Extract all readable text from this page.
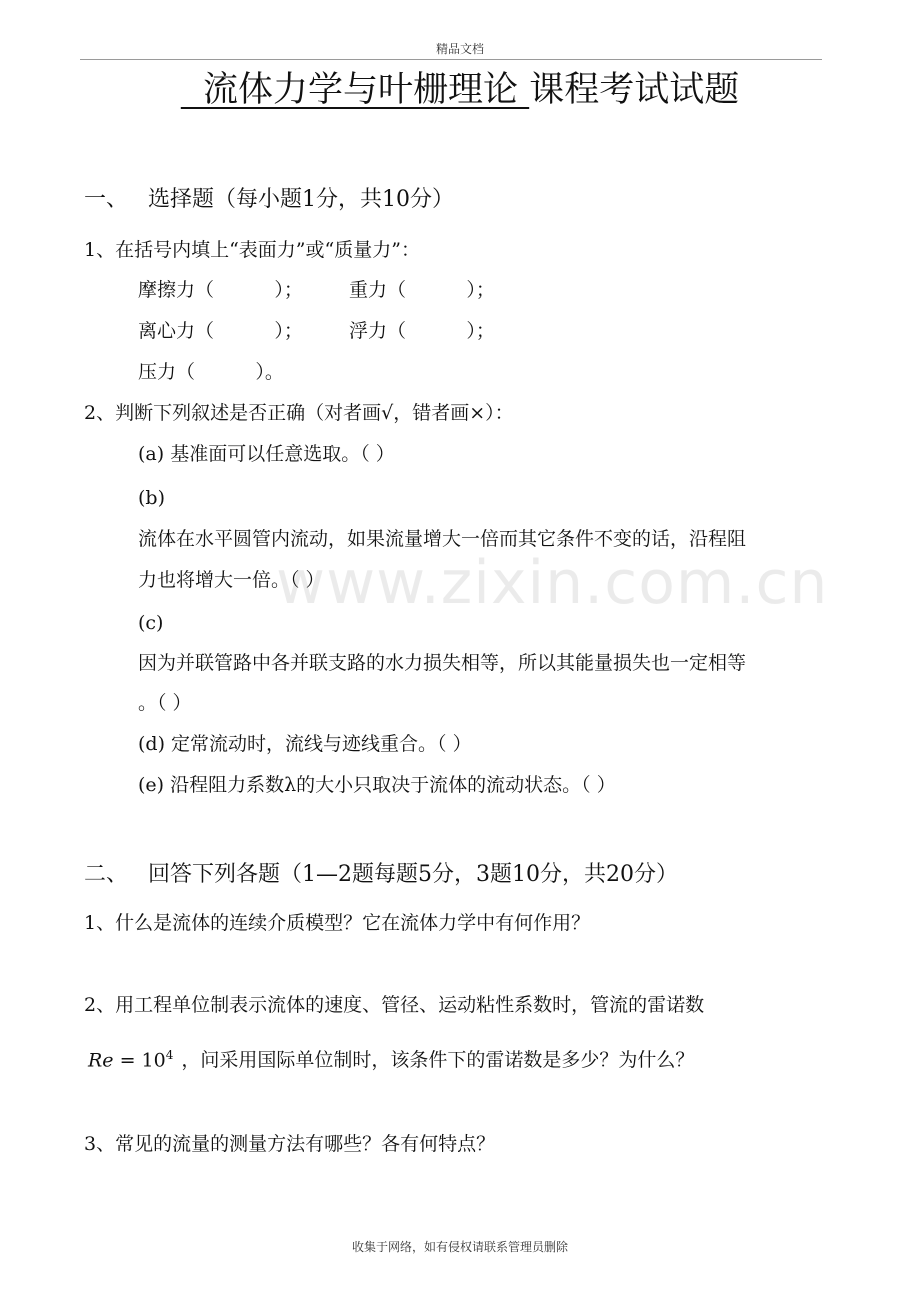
精品文档
流体力学与叶栅理论 课程考试试题
www.zixin.com.cn
一、 选择题（每小题1分，共10分）
1、在括号内填上“表面力”或“质量力”：
摩擦力（          ）； 重力（          ）；
离心力（          ）； 浮力（          ）；
压力（          ）。
2、判断下列叙述是否正确（对者画√，错者画×）：
(a) 基准面可以任意选取。（ ）
(b)
流体在水平圆管内流动，如果流量增大一倍而其它条件不变的话，沿程阻
力也将增大一倍。（ ）
(c)
因为并联管路中各并联支路的水力损失相等，所以其能量损失也一定相等
。（ ）
(d) 定常流动时，流线与迹线重合。（ ）
(e) 沿程阻力系数λ的大小只取决于流体的流动状态。（ ）
二、 回答下列各题（1—2题每题5分，3题10分，共20分）
1、什么是流体的连续介质模型？它在流体力学中有何作用？
2、用工程单位制表示流体的速度、管径、运动粘性系数时，管流的雷诺数
$Re = 10^4$ ，问采用国际单位制时，该条件下的雷诺数是多少？为什么？
3、常见的流量的测量方法有哪些？各有何特点？
收集于网络，如有侵权请联系管理员删除
